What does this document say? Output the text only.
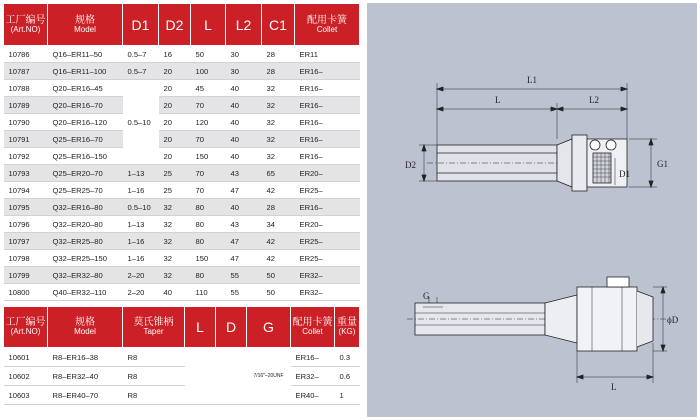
工厂编号
(Art.NO)	规格
Model	D1	D2	L	L2	C1	配用卡簧
Collet

10786	Q16–ER11–50	0.5–7	16	50	30	28	ER11
10787	Q16–ER11–100	0.5–7	20	100	30	28	ER16–
10788	Q20–ER16–45	0.5–10	20	45	40	32	ER16–
10789	Q20–ER16–70		20	70	40	32	ER16–
10790	Q20–ER16–120		20	120	40	32	ER16–
10791	Q25–ER16–70		20	70	40	32	ER16–
10792	Q25–ER16–150		20	150	40	32	ER16–
10793	Q25–ER20–70	1–13	25	70	43	65	ER20–
10794	Q25–ER25–70	1–16	25	70	47	42	ER25–
10795	Q32–ER16–80	0.5–10	32	80	40	28	ER16–
10796	Q32–ER20–80	1–13	32	80	43	34	ER20–
10797	Q32–ER25–80	1–16	32	80	47	42	ER25–
10798	Q32–ER25–150	1–16	32	150	47	42	ER25–
10799	Q32–ER32–80	2–20	32	80	55	50	ER32–
10800	Q40–ER32–110	2–20	40	110	55	50	ER32–
工厂编号
(Art.NO)	规格
Model	莫氏锥柄
Taper	L	D	G	配用卡簧
Collet	重量
(KG)

10601	R8–ER16–38	R8			7/16"–20UNF	ER16–	0.3
10602	R8–ER32–40	R8				ER32–	0.6
10603	R8–ER40–70	R8				ER40–	1
L1
L	L2
D2
D1
G1
G
ϕD
L
